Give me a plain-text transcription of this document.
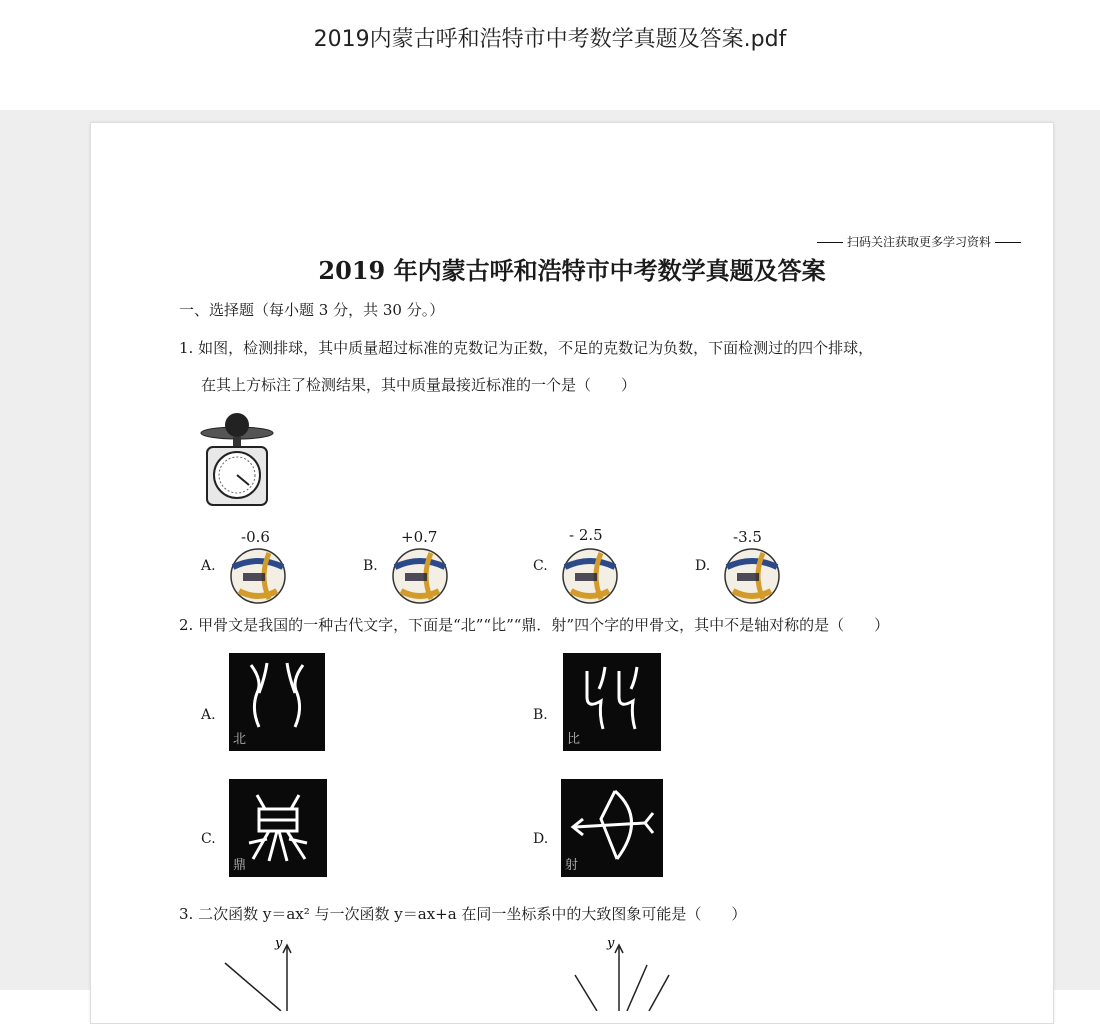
2019内蒙古呼和浩特市中考数学真题及答案.pdf
扫码关注获取更多学习资料
2019 年内蒙古呼和浩特市中考数学真题及答案
一、选择题（每小题 3 分，共 30 分。）
1. 如图，检测排球，其中质量超过标准的克数记为正数，不足的克数记为负数，下面检测过的四个排球，
在其上方标注了检测结果，其中质量最接近标准的一个是（　　）
A.
-0.6
B.
+0.7
C.
- 2.5
D.
-3.5
2. 甲骨文是我国的一种古代文字，下面是“北”“比”“鼎．射”四个字的甲骨文，其中不是轴对称的是（　　）
A.
北
B.
比
C.
鼎
D.
射
3. 二次函数 y＝ax² 与一次函数 y＝ax+a 在同一坐标系中的大致图象可能是（　　）
y	y
